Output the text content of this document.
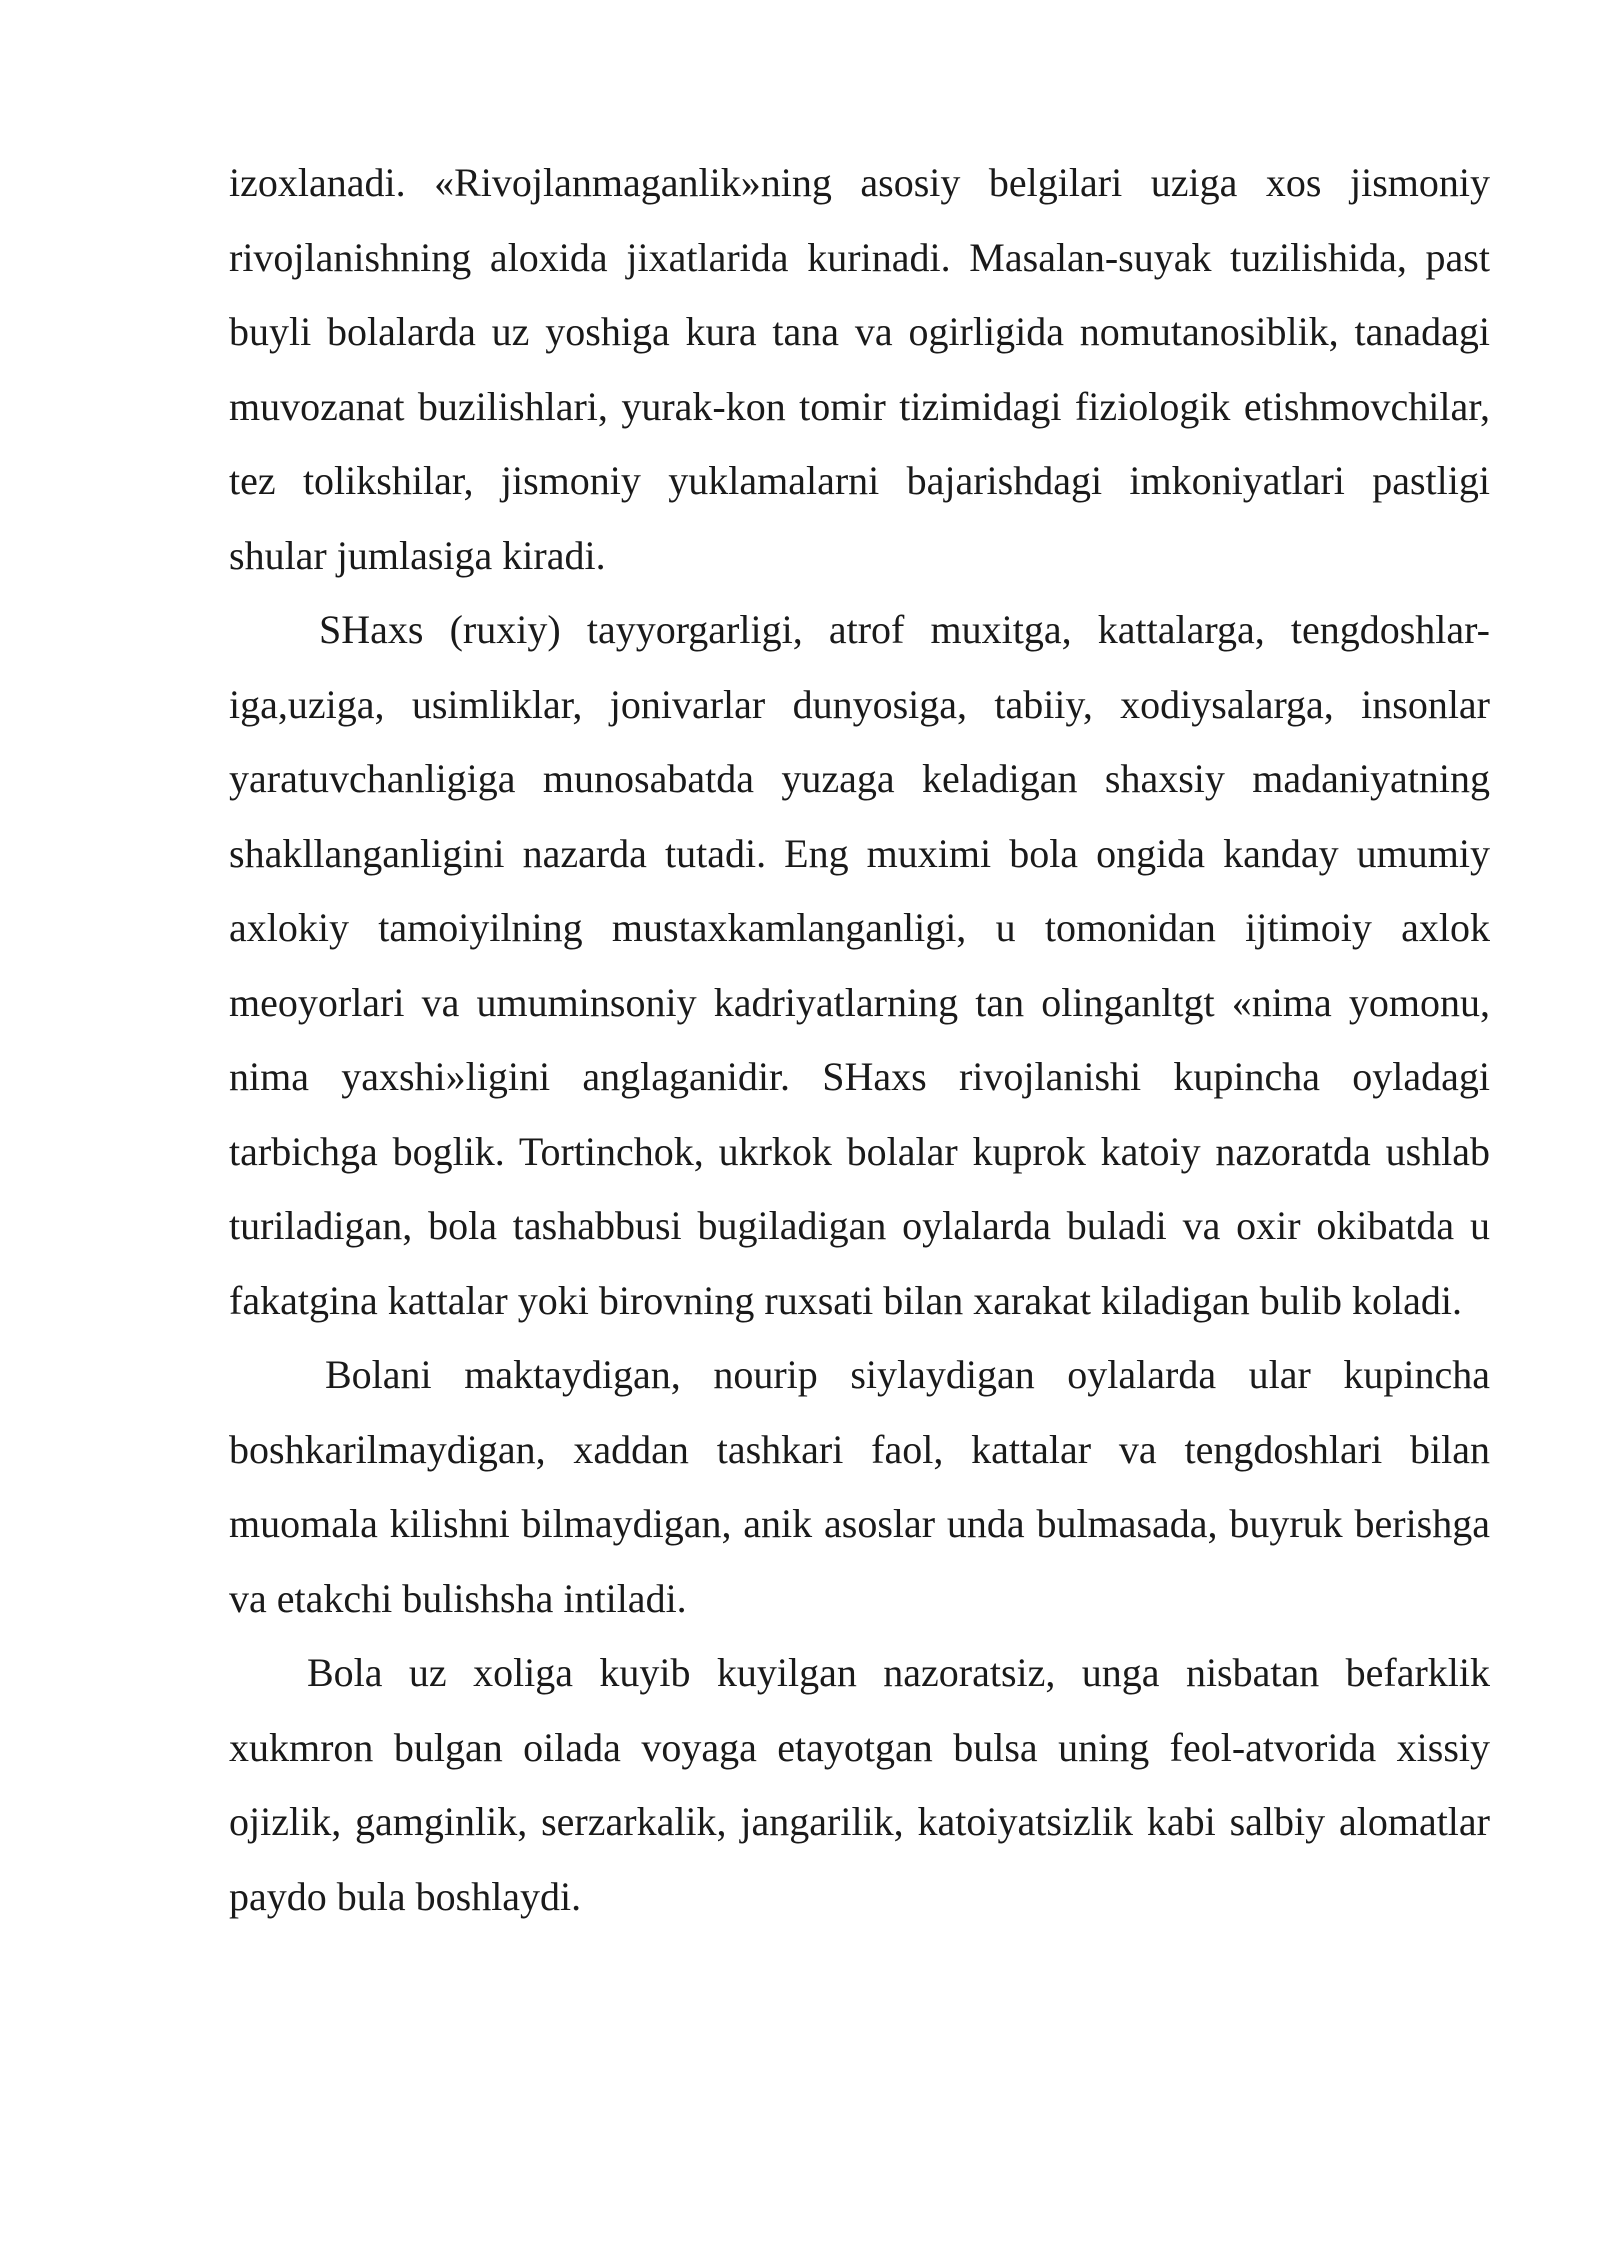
izoxlanadi. «Rivojlanmaganlik»ning asosiy belgilari uziga xos jismoniy rivojlanishning aloxida jixatlarida kurinadi. Masalan-suyak tuzilishida, past buyli bolalarda uz yoshiga kura tana va ogirligida nomutanosiblik, tanadagi muvozanat buzilishlari, yurak-kon tomir tizimidagi fiziologik etishmovchilar, tez tolikshilar, jismoniy yuklamalarni bajarishdagi imkoniyatlari pastligi shular jumlasiga kiradi.

SHaxs (ruxiy) tayyorgarligi, atrof muxitga, kattalarga, tengdoshlar-iga,uziga, usimliklar, jonivarlar dunyosiga, tabiiy, xodiysalarga, insonlar yaratuvchanligiga munosabatda yuzaga keladigan shaxsiy madaniyatning shakllanganligini nazarda tutadi. Eng muximi bola ongida kanday umumiy axlokiy tamoiyilning mustaxkamlanganligi, u tomonidan ijtimoiy axlok meoyorlari va umuminsoniy kadriyatlarning tan olinganltgt «nima yomonu, nima yaxshi»ligini anglaganidir. SHaxs rivojlanishi kupincha oyladagi tarbichga boglik. Tortinchok, ukrkok bolalar kuprok katoiy nazoratda ushlab turiladigan, bola tashabbusi bugiladigan oylalarda buladi va oxir okibatda u fakatgina kattalar yoki birovning ruxsati bilan xarakat kiladigan bulib koladi.

Bolani maktaydigan, nourip siylaydigan oylalarda ular kupincha boshkarilmaydigan, xaddan tashkari faol, kattalar va tengdoshlari bilan muomala kilishni bilmaydigan, anik asoslar unda bulmasada, buyruk berishga va etakchi bulishsha intiladi.

Bola uz xoliga kuyib kuyilgan nazoratsiz, unga nisbatan befarklik xukmron bulgan oilada voyaga etayotgan bulsa uning feol-atvorida xissiy ojizlik, gamginlik, serzarkalik, jangarilik, katoiyatsizlik kabi salbiy alomatlar paydo bula boshlaydi.
